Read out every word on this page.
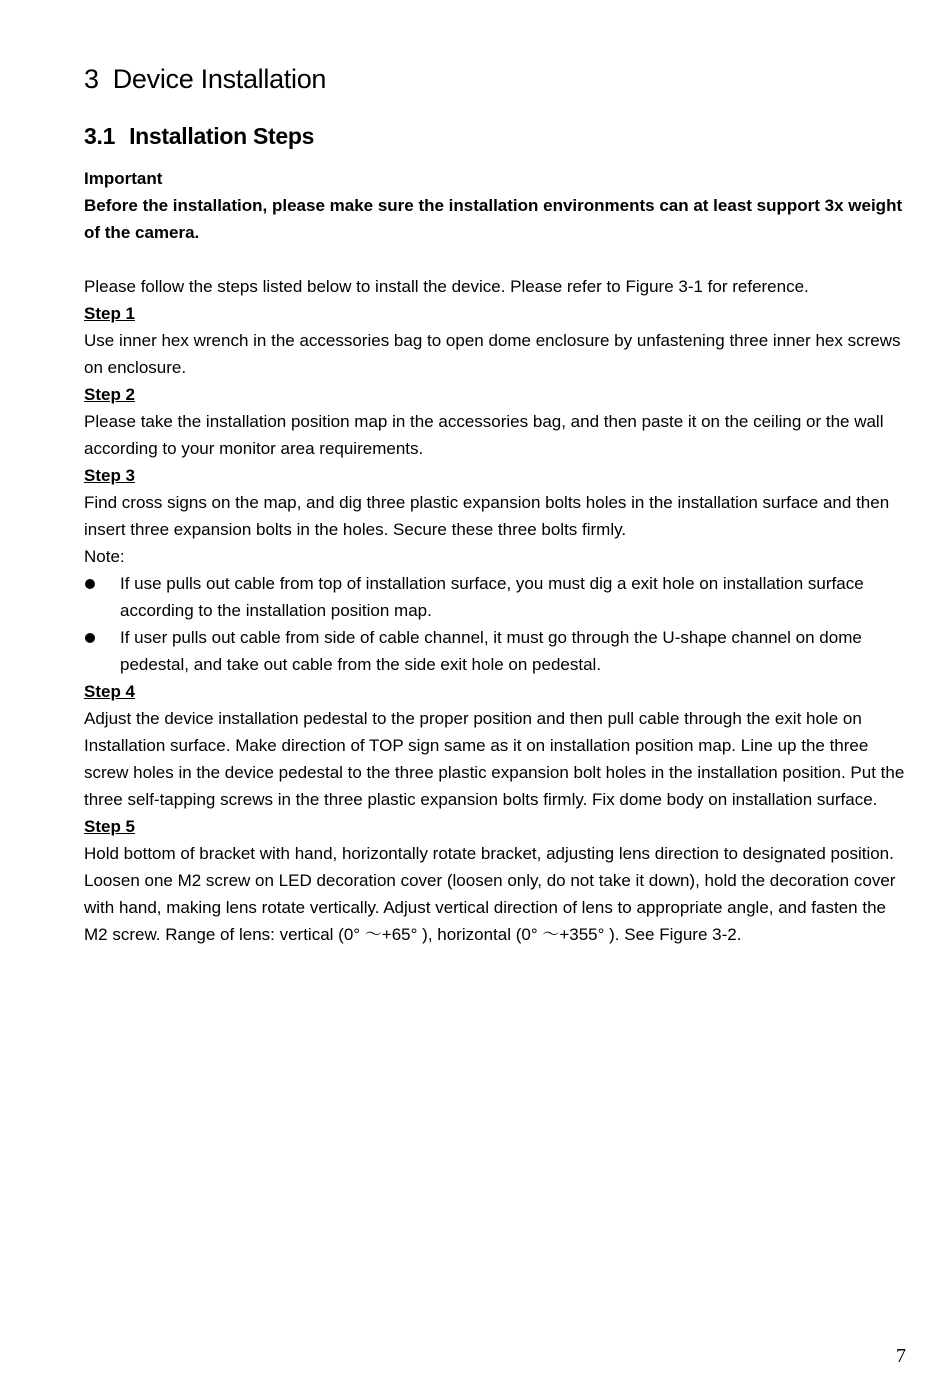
3 Device Installation
3.1 Installation Steps

Important

Before the installation, please make sure the installation environments can at least support 3x weight of the camera.

Please follow the steps listed below to install the device. Please refer to Figure 3-1 for reference.

Step 1

Use inner hex wrench in the accessories bag to open dome enclosure by unfastening three inner hex screws on enclosure.

Step 2

Please take the installation position map in the accessories bag, and then paste it on the ceiling or the wall according to your monitor area requirements.

Step 3

Find cross signs on the map, and dig three plastic expansion bolts holes in the installation surface and then insert three expansion bolts in the holes. Secure these three bolts firmly.

Note:

If use pulls out cable from top of installation surface, you must dig a exit hole on installation surface according to the installation position map.
If user pulls out cable from side of cable channel, it must go through the U-shape channel on dome pedestal, and take out cable from the side exit hole on pedestal.

Step 4

Adjust the device installation pedestal to the proper position and then pull cable through the exit hole on Installation surface. Make direction of TOP sign same as it on installation position map. Line up the three screw holes in the device pedestal to the three plastic expansion bolt holes in the installation position. Put the three self-tapping screws in the three plastic expansion bolts firmly. Fix dome body on installation surface.

Step 5

Hold bottom of bracket with hand, horizontally rotate bracket, adjusting lens direction to designated position. Loosen one M2 screw on LED decoration cover (loosen only, do not take it down), hold the decoration cover with hand, making lens rotate vertically. Adjust vertical direction of lens to appropriate angle, and fasten the M2 screw. Range of lens: vertical (0° ～+65° ), horizontal (0° ～+355° ). See Figure 3-2.

7
